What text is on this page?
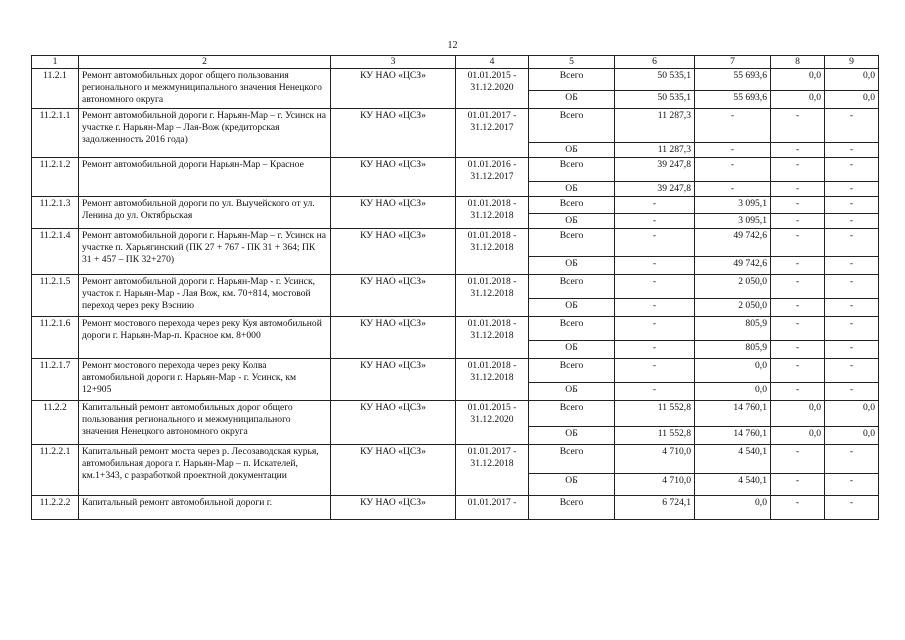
12
1	2	3	4	5	6	7	8	9
11.2.1	Ремонт автомобильных дорог общего пользования регионального и межмуниципального значения Ненецкого автономного округа	КУ НАО «ЦСЗ»	01.01.2015 - 31.12.2020	Всего	50 535,1	55 693,6	0,0	0,0
				ОБ	50 535,1	55 693,6	0,0	0,0
11.2.1.1	Ремонт автомобильной дороги г. Нарьян-Мар – г. Усинск на участке г. Нарьян-Мар – Лая-Вож (кредиторская задолженность 2016 года)	КУ НАО «ЦСЗ»	01.01.2017 - 31.12.2017	Всего	11 287,3	-	-	-
				ОБ	11 287,3	-	-	-
11.2.1.2	Ремонт автомобильной дороги Нарьян-Мар – Красное	КУ НАО «ЦСЗ»	01.01.2016 - 31.12.2017	Всего	39 247,8	-	-	-
				ОБ	39 247,8	-	-	-
11.2.1.3	Ремонт автомобильной дороги по ул. Выучейского от ул. Ленина до ул. Октябрьская	КУ НАО «ЦСЗ»	01.01.2018 - 31.12.2018	Всего	-	3 095,1	-	-
				ОБ	-	3 095,1	-	-
11.2.1.4	Ремонт автомобильной дороги г. Нарьян-Мар – г. Усинск на участке п. Харьягинский (ПК 27 + 767 - ПК 31 + 364; ПК 31 + 457 – ПК 32+270)	КУ НАО «ЦСЗ»	01.01.2018 - 31.12.2018	Всего	-	49 742,6	-	-
				ОБ	-	49 742,6	-	-
11.2.1.5	Ремонт автомобильной дороги г. Нарьян-Мар - г. Усинск, участок г. Нарьян-Мар - Лая Вож, км. 70+814, мостовой переход через реку Вэснию	КУ НАО «ЦСЗ»	01.01.2018 - 31.12.2018	Всего	-	2 050,0	-	-
				ОБ	-	2 050,0	-	-
11.2.1.6	Ремонт мостового перехода через реку Куя автомобильной дороги г. Нарьян-Мар-п. Красное км. 8+000	КУ НАО «ЦСЗ»	01.01.2018 - 31.12.2018	Всего	-	805,9	-	-
				ОБ	-	805,9	-	-
11.2.1.7	Ремонт мостового перехода через реку Колва автомобильной дороги г. Нарьян-Мар - г. Усинск, км 12+905	КУ НАО «ЦСЗ»	01.01.2018 - 31.12.2018	Всего	-	0,0	-	-
				ОБ	-	0,0	-	-
11.2.2	Капитальный ремонт автомобильных дорог общего пользования регионального и межмуниципального значения Ненецкого автономного округа	КУ НАО «ЦСЗ»	01.01.2015 - 31.12.2020	Всего	11 552,8	14 760,1	0,0	0,0
				ОБ	11 552,8	14 760,1	0,0	0,0
11.2.2.1	Капитальный ремонт моста через р. Лесозаводская курья, автомобильная дорога г. Нарьян-Мар – п. Искателей, км.1+343, с разработкой проектной документации	КУ НАО «ЦСЗ»	01.01.2017 - 31.12.2018	Всего	4 710,0	4 540,1	-	-
				ОБ	4 710,0	4 540,1	-	-
11.2.2.2	Капитальный ремонт автомобильной дороги г.	КУ НАО «ЦСЗ»	01.01.2017 -	Всего	6 724,1	0,0	-	-
